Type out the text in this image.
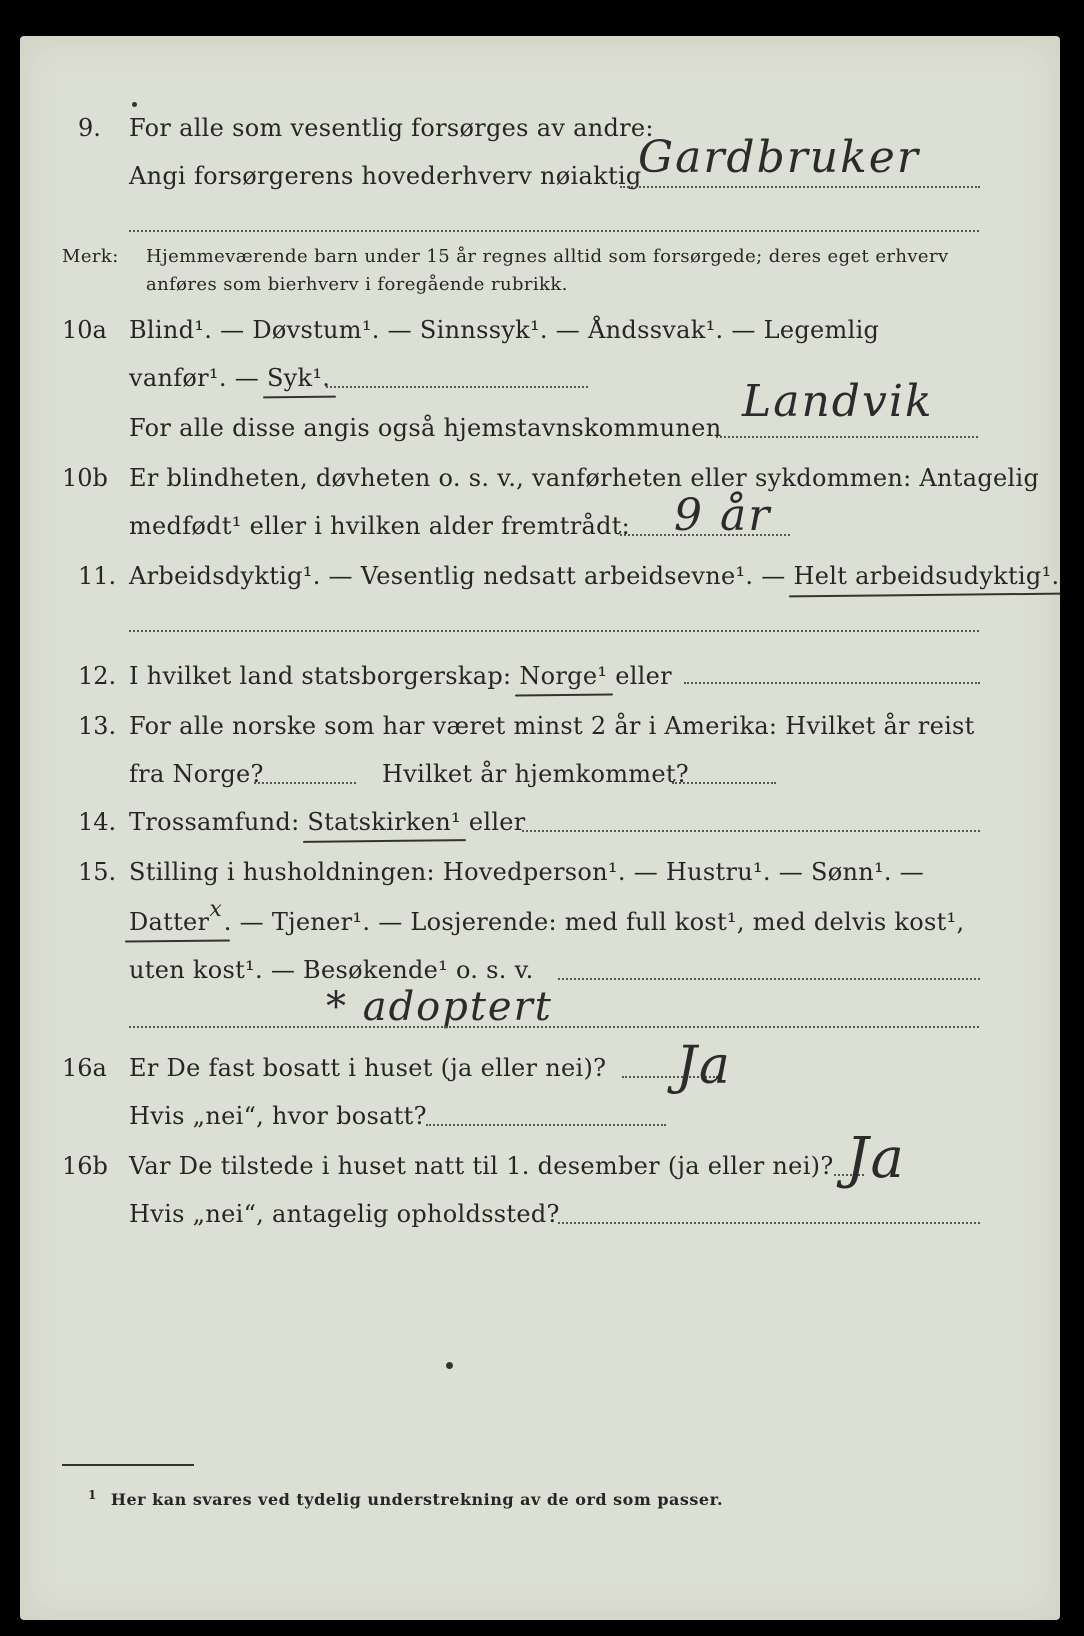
9. For alle som vesentlig forsørges av andre:
Angi forsørgerens hovederhverv nøiaktig
Gardbruker
Merk: Hjemmeværende barn under 15 år regnes alltid som forsørgede; deres eget erhverv
anføres som bierhverv i foregående rubrikk.
10a Blind¹. — Døvstum¹. — Sinnssyk¹. — Åndssvak¹. — Legemlig
vanfør¹. — Syk¹.
For alle disse angis også hjemstavnskommunen
Landvik
10b Er blindheten, døvheten o. s. v., vanførheten eller sykdommen: Antagelig
medfødt¹ eller i hvilken alder fremtrådt: 9 år
11. Arbeidsdyktig¹. — Vesentlig nedsatt arbeidsevne¹. — Helt arbeidsudyktig¹.
12. I hvilket land statsborgerskap: Norge¹ eller
13. For alle norske som har været minst 2 år i Amerika: Hvilket år reist
fra Norge?	Hvilket år hjemkommet?
14. Trossamfund: Statskirken¹ eller
15. Stilling i husholdningen: Hovedperson¹. — Hustru¹. — Sønn¹. —
Datterx. — Tjener¹. — Losjerende: med full kost¹, med delvis kost¹,
uten kost¹. — Besøkende¹ o. s. v.
* adoptert
16a Er De fast bosatt i huset (ja eller nei)? Ja
Hvis „nei“, hvor bosatt?
16b Var De tilstede i huset natt til 1. desember (ja eller nei)? Ja
Hvis „nei“, antagelig opholdssted?
$^1$ Her kan svares ved tydelig understrekning av de ord som passer.
